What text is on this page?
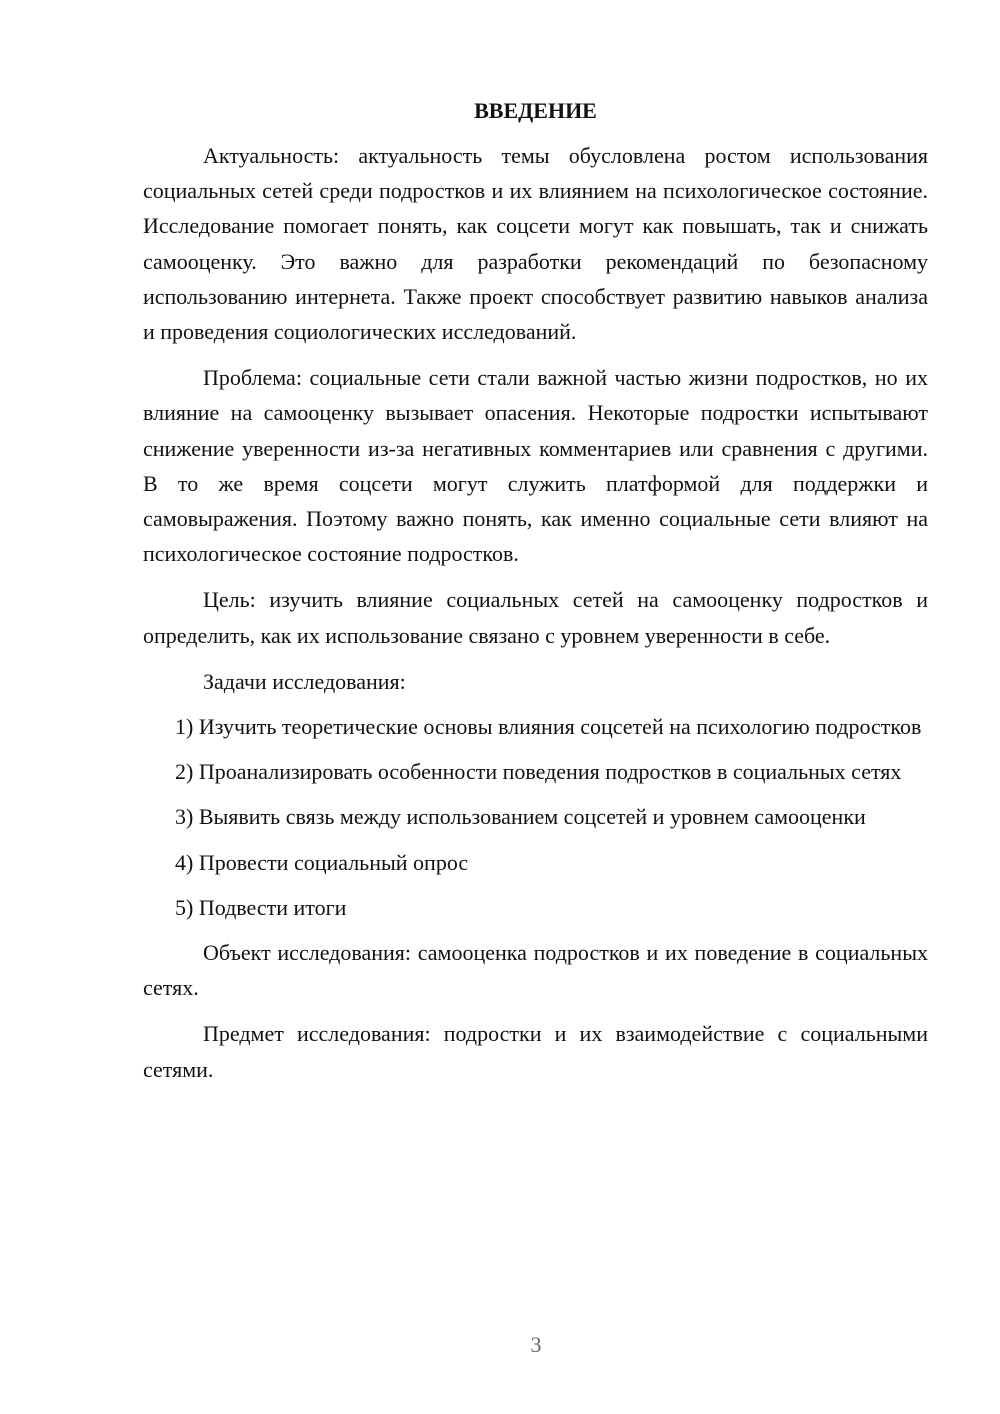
ВВЕДЕНИЕ

Актуальность: актуальность темы обусловлена ростом использования социальных сетей среди подростков и их влиянием на психологическое состояние. Исследование помогает понять, как соцсети могут как повышать, так и снижать самооценку. Это важно для разработки рекомендаций по безопасному использованию интернета. Также проект способствует развитию навыков анализа и проведения социологических исследований.

Проблема: социальные сети стали важной частью жизни подростков, но их влияние на самооценку вызывает опасения. Некоторые подростки испытывают снижение уверенности из-за негативных комментариев или сравнения с другими. В то же время соцсети могут служить платформой для поддержки и самовыражения. Поэтому важно понять, как именно социальные сети влияют на психологическое состояние подростков.

Цель: изучить влияние социальных сетей на самооценку подростков и определить, как их использование связано с уровнем уверенности в себе.

Задачи исследования:

1) Изучить теоретические основы влияния соцсетей на психологию подростков

2) Проанализировать особенности поведения подростков в социальных сетях

3) Выявить связь между использованием соцсетей и уровнем самооценки

4) Провести социальный опрос

5) Подвести итоги

Объект исследования: самооценка подростков и их поведение в социальных сетях.

Предмет исследования: подростки и их взаимодействие с социальными сетями.

3
